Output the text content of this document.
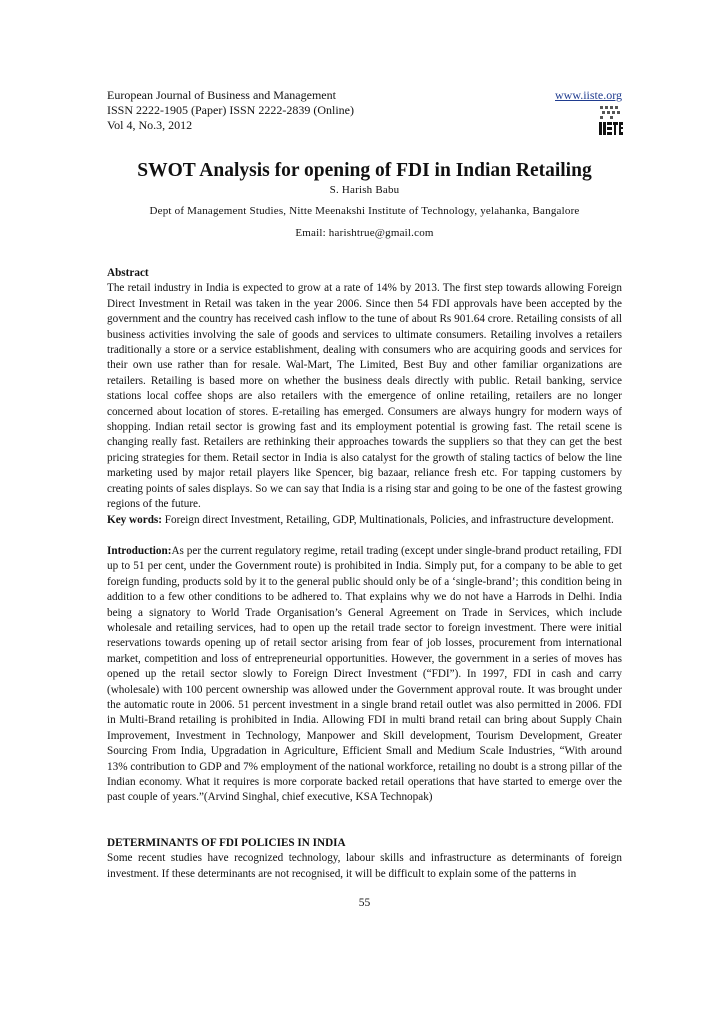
European Journal of Business and Management
ISSN 2222-1905 (Paper) ISSN 2222-2839 (Online)
Vol 4, No.3, 2012
www.iiste.org
SWOT Analysis for opening of FDI in Indian Retailing
S. Harish Babu
Dept of Management Studies, Nitte Meenakshi Institute of Technology, yelahanka, Bangalore
Email: harishtrue@gmail.com

Abstract

The retail industry in India is expected to grow at a rate of 14% by 2013. The first step towards allowing Foreign Direct Investment in Retail was taken in the year 2006. Since then 54 FDI approvals have been accepted by the government and the country has received cash inflow to the tune of about Rs 901.64 crore. Retailing consists of all business activities involving the sale of goods and services to ultimate consumers. Retailing involves a retailers traditionally a store or a service establishment, dealing with consumers who are acquiring goods and services for their own use rather than for resale. Wal-Mart, The Limited, Best Buy and other familiar organizations are retailers. Retailing is based more on whether the business deals directly with public. Retail banking, service stations local coffee shops are also retailers with the emergence of online retailing, retailers are no longer concerned about location of stores. E-retailing has emerged. Consumers are always hungry for modern ways of shopping. Indian retail sector is growing fast and its employment potential is growing fast. The retail scene is changing really fast. Retailers are rethinking their approaches towards the suppliers so that they can get the best pricing strategies for them. Retail sector in India is also catalyst for the growth of staling tactics of below the line marketing used by major retail players like Spencer, big bazaar, reliance fresh etc. For tapping customers by creating points of sales displays. So we can say that India is a rising star and going to be one of the fastest growing regions of the future.

Key words: Foreign direct Investment, Retailing, GDP, Multinationals, Policies, and infrastructure development.

Introduction:As per the current regulatory regime, retail trading (except under single-brand product retailing, FDI up to 51 per cent, under the Government route) is prohibited in India. Simply put, for a company to be able to get foreign funding, products sold by it to the general public should only be of a ‘single-brand’; this condition being in addition to a few other conditions to be adhered to. That explains why we do not have a Harrods in Delhi. India being a signatory to World Trade Organisation’s General Agreement on Trade in Services, which include wholesale and retailing services, had to open up the retail trade sector to foreign investment. There were initial reservations towards opening up of retail sector arising from fear of job losses, procurement from international market, competition and loss of entrepreneurial opportunities. However, the government in a series of moves has opened up the retail sector slowly to Foreign Direct Investment (“FDI”). In 1997, FDI in cash and carry (wholesale) with 100 percent ownership was allowed under the Government approval route. It was brought under the automatic route in 2006. 51 percent investment in a single brand retail outlet was also permitted in 2006. FDI in Multi-Brand retailing is prohibited in India. Allowing FDI in multi brand retail can bring about Supply Chain Improvement, Investment in Technology, Manpower and Skill development, Tourism Development, Greater Sourcing From India, Upgradation in Agriculture, Efficient Small and Medium Scale Industries, “With around 13% contribution to GDP and 7% employment of the national workforce, retailing no doubt is a strong pillar of the Indian economy. What it requires is more corporate backed retail operations that have started to emerge over the past couple of years.”(Arvind Singhal, chief executive, KSA Technopak)

DETERMINANTS OF FDI POLICIES IN INDIA

Some recent studies have recognized technology, labour skills and infrastructure as determinants of foreign investment. If these determinants are not recognised, it will be difficult to explain some of the patterns in

55
